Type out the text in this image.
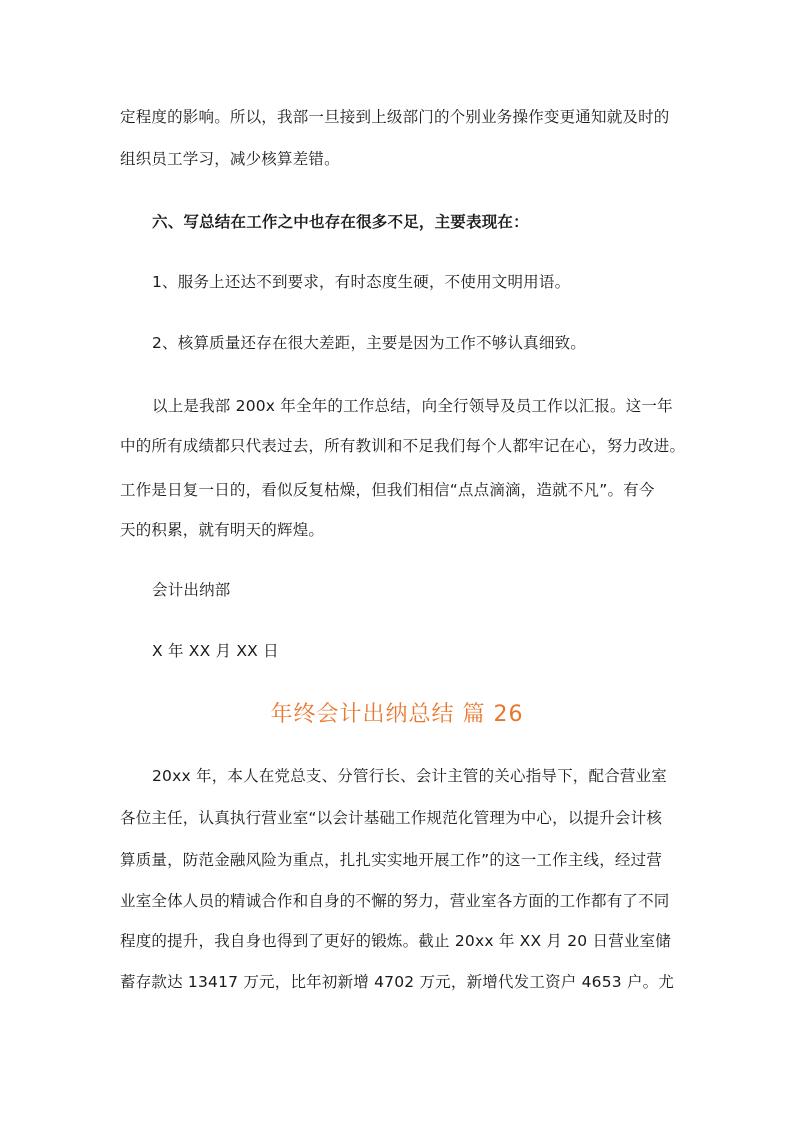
定程度的影响。所以，我部一旦接到上级部门的个别业务操作变更通知就及时的
组织员工学习，减少核算差错。
六、写总结在工作之中也存在很多不足，主要表现在：
1、服务上还达不到要求，有时态度生硬，不使用文明用语。
2、核算质量还存在很大差距，主要是因为工作不够认真细致。
以上是我部 200x 年全年的工作总结，向全行领导及员工作以汇报。这一年
中的所有成绩都只代表过去，所有教训和不足我们每个人都牢记在心，努力改进。
工作是日复一日的，看似反复枯燥，但我们相信“点点滴滴，造就不凡”。有今
天的积累，就有明天的辉煌。
会计出纳部
X 年 XX 月 XX 日
年终会计出纳总结 篇 26
20xx 年，本人在党总支、分管行长、会计主管的关心指导下，配合营业室
各位主任，认真执行营业室“以会计基础工作规范化管理为中心，以提升会计核
算质量，防范金融风险为重点，扎扎实实地开展工作”的这一工作主线，经过营
业室全体人员的精诚合作和自身的不懈的努力，营业室各方面的工作都有了不同
程度的提升，我自身也得到了更好的锻炼。截止 20xx 年 XX 月 20 日营业室储
蓄存款达 13417 万元，比年初新增 4702 万元，新增代发工资户 4653 户。尤
